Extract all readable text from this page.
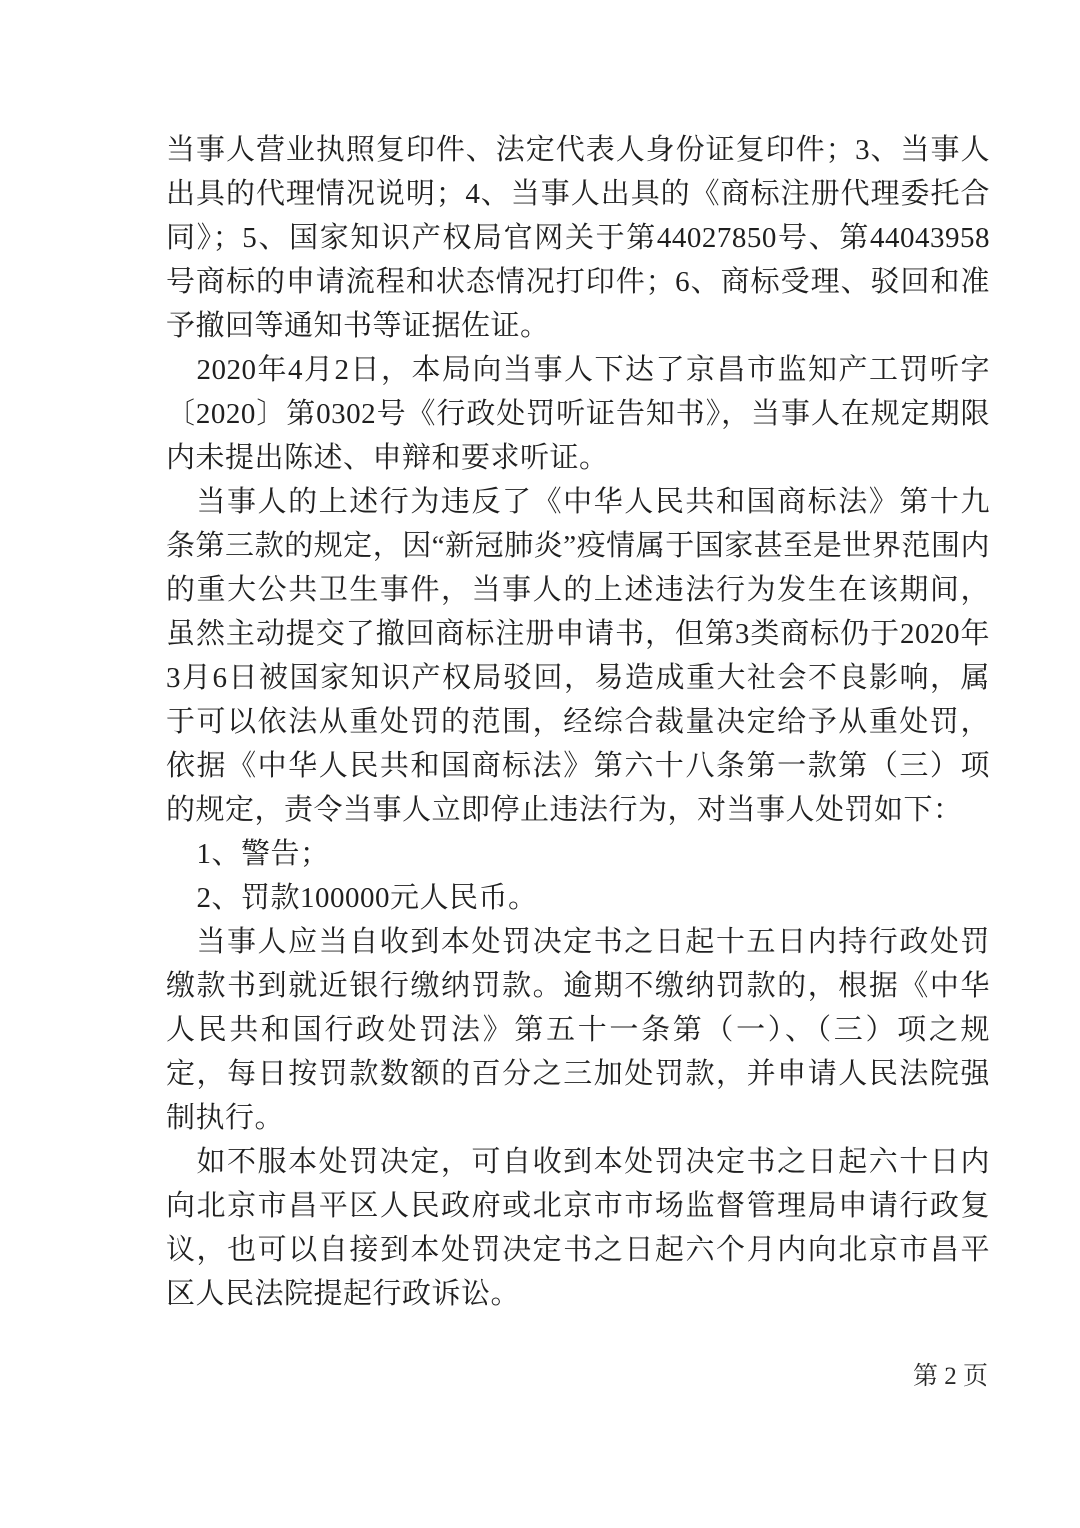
当事人营业执照复印件、法定代表人身份证复印件；3、当事人出具的代理情况说明；4、当事人出具的《商标注册代理委托合同》；5、国家知识产权局官网关于第44027850号、第44043958号商标的申请流程和状态情况打印件；6、商标受理、驳回和准予撤回等通知书等证据佐证。

2020年4月2日，本局向当事人下达了京昌市监知产工罚听字〔2020〕第0302号《行政处罚听证告知书》，当事人在规定期限内未提出陈述、申辩和要求听证。

当事人的上述行为违反了《中华人民共和国商标法》第十九条第三款的规定，因“新冠肺炎”疫情属于国家甚至是世界范围内的重大公共卫生事件，当事人的上述违法行为发生在该期间，虽然主动提交了撤回商标注册申请书，但第3类商标仍于2020年3月6日被国家知识产权局驳回，易造成重大社会不良影响，属于可以依法从重处罚的范围，经综合裁量决定给予从重处罚，依据《中华人民共和国商标法》第六十八条第一款第（三）项的规定，责令当事人立即停止违法行为，对当事人处罚如下：

1、警告；

2、罚款100000元人民币。

当事人应当自收到本处罚决定书之日起十五日内持行政处罚缴款书到就近银行缴纳罚款。逾期不缴纳罚款的，根据《中华人民共和国行政处罚法》第五十一条第（一）、（三）项之规定，每日按罚款数额的百分之三加处罚款，并申请人民法院强制执行。

如不服本处罚决定，可自收到本处罚决定书之日起六十日内向北京市昌平区人民政府或北京市市场监督管理局申请行政复议，也可以自接到本处罚决定书之日起六个月内向北京市昌平区人民法院提起行政诉讼。

第 2 页
